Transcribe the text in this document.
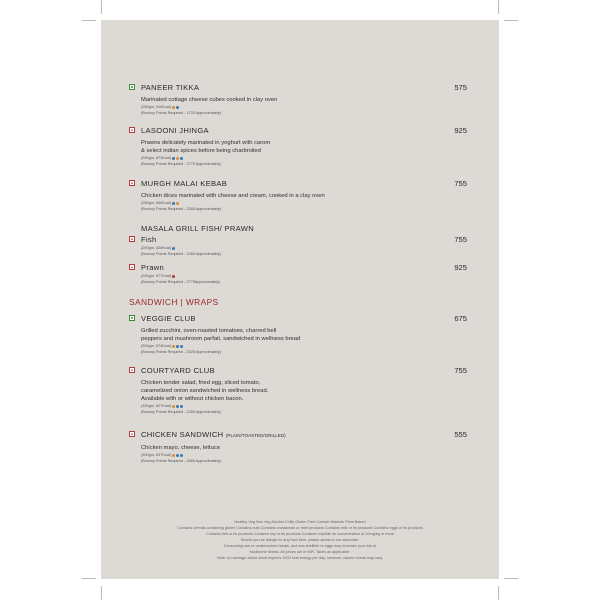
PANEER TIKKA	575
Marinated cottage cheese cubes cooked in clay oven
(250gm, 516Kcal)
(Bonvoy Points Required - 1725 Approximately)
LASOONI JHINGA	925
Prawns delicately marinated in yoghurt with carom
& select indian spices before being charbroiled
(250gm, 873Kcal)
(Bonvoy Points Required - 2775 Approximately)
MURGH MALAI KEBAB	755
Chicken dices marinated with cheese and cream, cooked in a clay oven
(250gm, 646Kcal)
(Bonvoy Points Required - 2265 Approximately)
MASALA GRILL FISH/ PRAWN
Fish	755
(250gm, 526Kcal)
(Bonvoy Points Required - 2265 Approximately)
Prawn	925
(250gm, 977Kcal)
(Bonvoy Points Required - 2775Approximately)
SANDWICH | WRAPS
VEGGIE CLUB	675
Grilled zucchini, oven-roasted tomatoes, charred bell
peppers and mushroom parfait, sandwiched in wellness bread
(300gm, 574Kcal)
(Bonvoy Points Required - 2025 Approximately)
COURTYARD CLUB	755
Chicken tender salad, fried egg, sliced tomato,
caramelized onion sandwiched in wellness bread.
Available with or without chicken bacon.
(400gm, 827Kcal)
(Bonvoy Points Required - 2265 Approximately)
CHICKEN SANDWICH (PLAIN/TOASTED/GRILLED)	555
Chicken mayo, cheese, lettuce
(300gm, 637Kcal)
(Bonvoy Points Required - 1665 Approximately)
Healthy Veg Non Veg Alcohol Chilly Gluten Free Contain Walnuts Plant Based
Contains cereals containing gluten Contains nuts Contains crustacean or their products Contains milk or its products Contains eggs or its products
Contains fish or its products Contains soy or its products Contains sulphite on concentration of 10mg/kg or more
Should you be allergic to any food item, please speak to our associate.
Consuming raw or undercooked meats, and sea shellfish or eggs may increase your risk of
foodborne illness. All prices are in INR. Taxes as applicable.
Note: An average active adult requires 2000 kcal energy per day, however, calorie needs may vary.
